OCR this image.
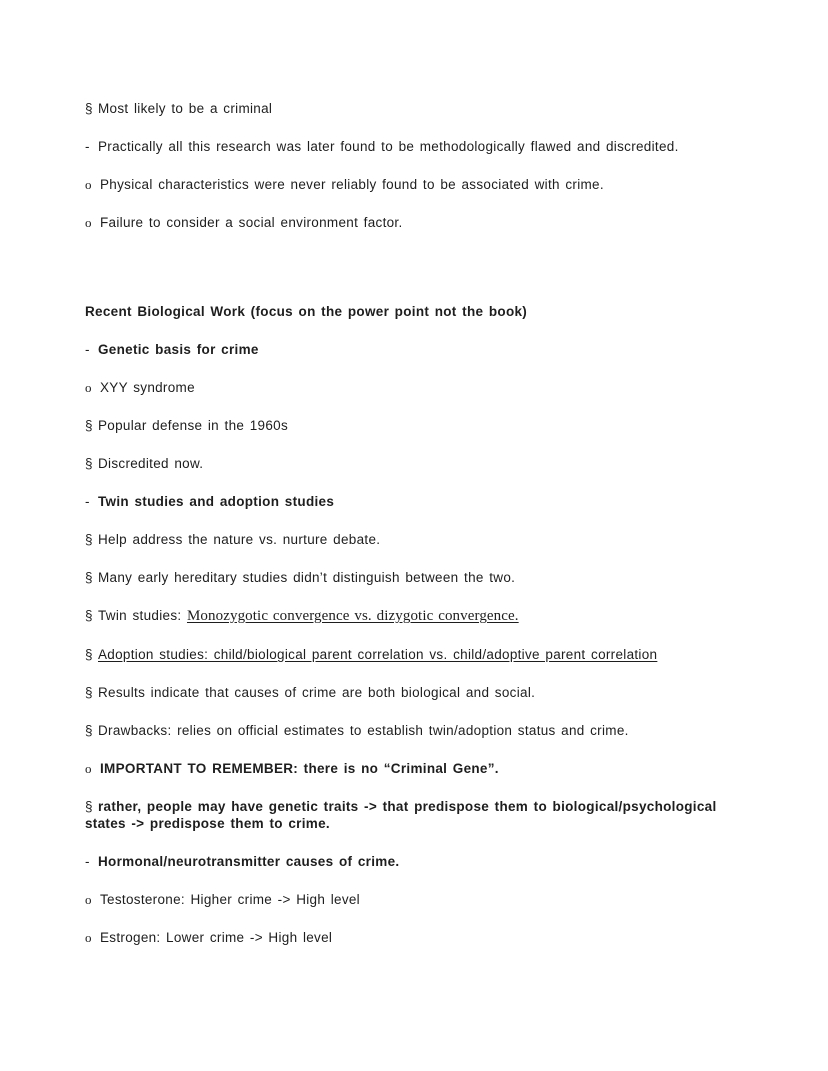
§ Most likely to be a criminal
- Practically all this research was later found to be methodologically flawed and discredited.
o Physical characteristics were never reliably found to be associated with crime.
o Failure to consider a social environment factor.
Recent Biological Work (focus on the power point not the book)
- Genetic basis for crime
o XYY syndrome
§ Popular defense in the 1960s
§ Discredited now.
- Twin studies and adoption studies
§ Help address the nature vs. nurture debate.
§ Many early hereditary studies didn’t distinguish between the two.
§ Twin studies: Monozygotic convergence vs. dizygotic convergence.
§ Adoption studies: child/biological parent correlation vs. child/adoptive parent correlation
§ Results indicate that causes of crime are both biological and social.
§ Drawbacks: relies on official estimates to establish twin/adoption status and crime.
o IMPORTANT TO REMEMBER: there is no “Criminal Gene”.
§ rather, people may have genetic traits -> that predispose them to biological/psychological
states -> predispose them to crime.
- Hormonal/neurotransmitter causes of crime.
o Testosterone: Higher crime -> High level
o Estrogen: Lower crime -> High level
